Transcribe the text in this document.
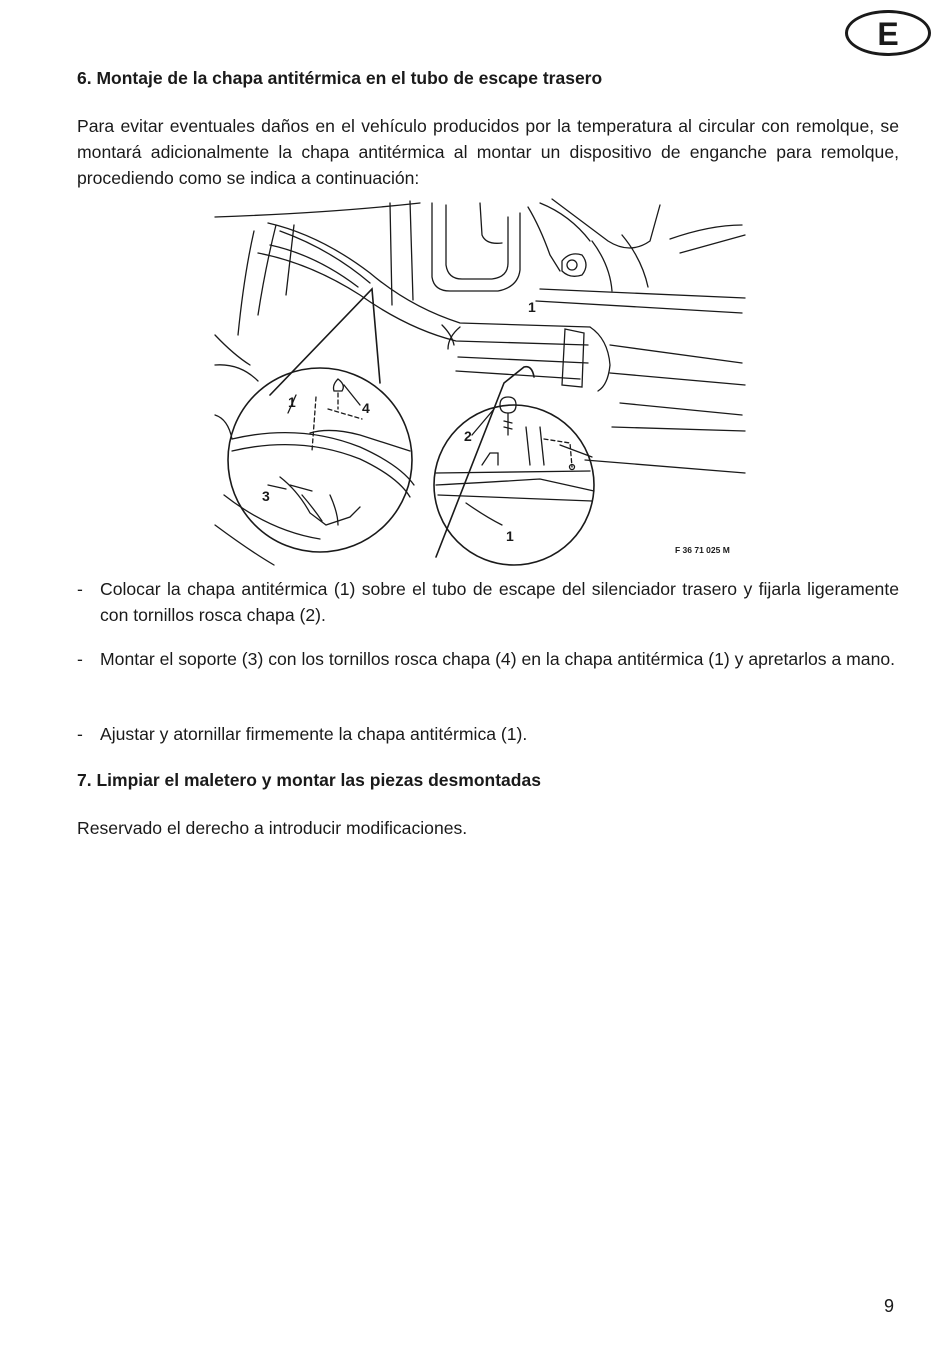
E
6. Montaje de la chapa antitérmica en el tubo de escape trasero

Para evitar eventuales daños en el vehículo producidos por la temperatura al circular con remolque, se montará adicionalmente la chapa antitérmica al montar un dispositivo de enganche para remolque, procediendo como se indica a continuación:

1
1	4
2
3
1
F 36 71 025 M
- Colocar la chapa antitérmica (1) sobre el tubo de escape del silenciador trasero y fijarla ligeramente con tornillos rosca chapa (2).
- Montar el soporte (3) con los tornillos rosca chapa (4) en la chapa antitérmica (1) y apretarlos a mano.
- Ajustar y atornillar firmemente la chapa antitérmica (1).
7. Limpiar el maletero y montar las piezas desmontadas

Reservado el derecho a introducir modificaciones.

9
